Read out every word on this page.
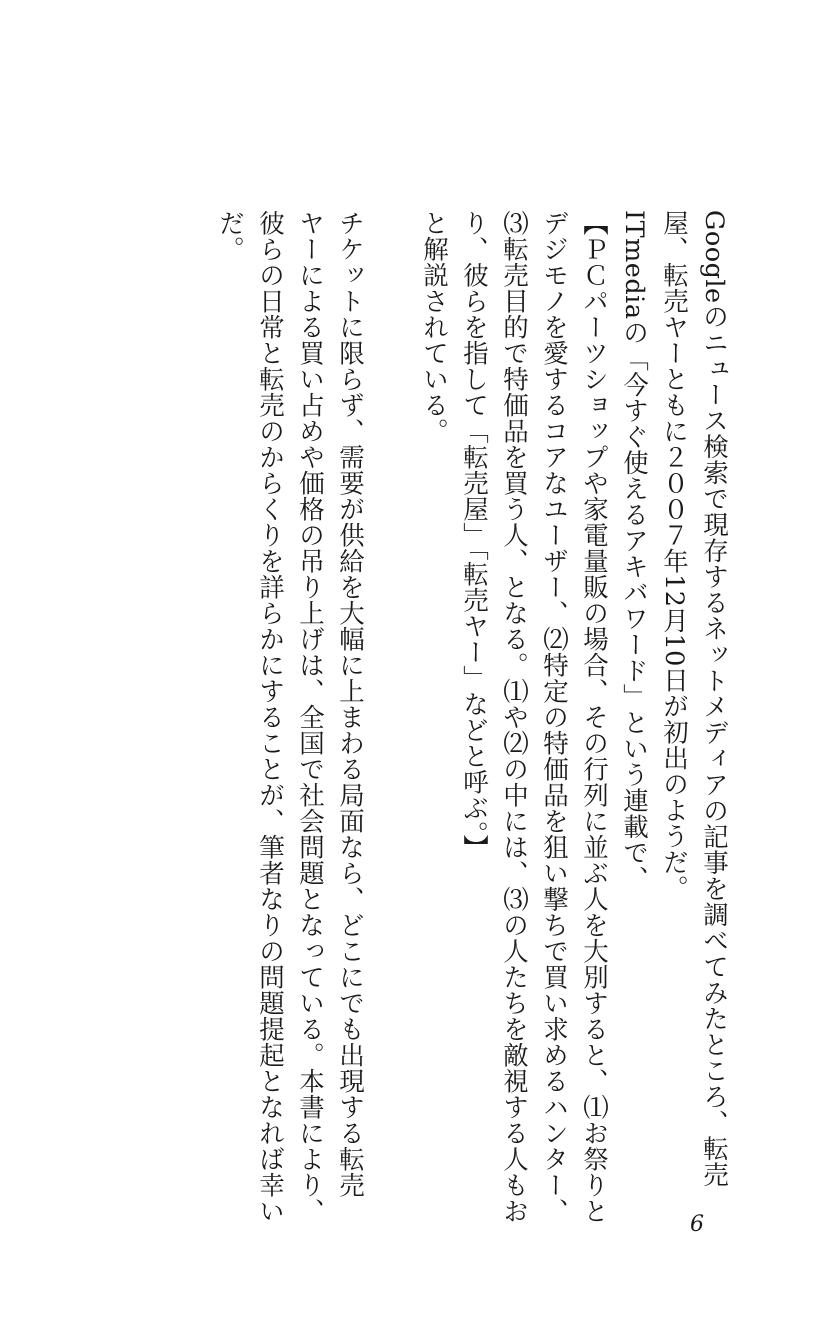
Googleのニュース検索で現存するネットメディアの記事を調べてみたところ、転売
屋、転売ヤーともに２００７年12月10日が初出のようだ。
ITmediaの「今すぐ使えるアキバワード」という連載で、
【ＰＣパーツショップや家電量販の場合、その行列に並ぶ人を大別すると、⑴お祭りと
デジモノを愛するコアなユーザー、⑵特定の特価品を狙い撃ちで買い求めるハンター、
⑶転売目的で特価品を買う人、となる。⑴や⑵の中には、⑶の人たちを敵視する人もお
り、彼らを指して「転売屋」「転売ヤー」などと呼ぶ。】
と解説されている。
チケットに限らず、需要が供給を大幅に上まわる局面なら、どこにでも出現する転売
ヤーによる買い占めや価格の吊り上げは、全国で社会問題となっている。本書により、
彼らの日常と転売のからくりを詳らかにすることが、筆者なりの問題提起となれば幸い
だ。
6
